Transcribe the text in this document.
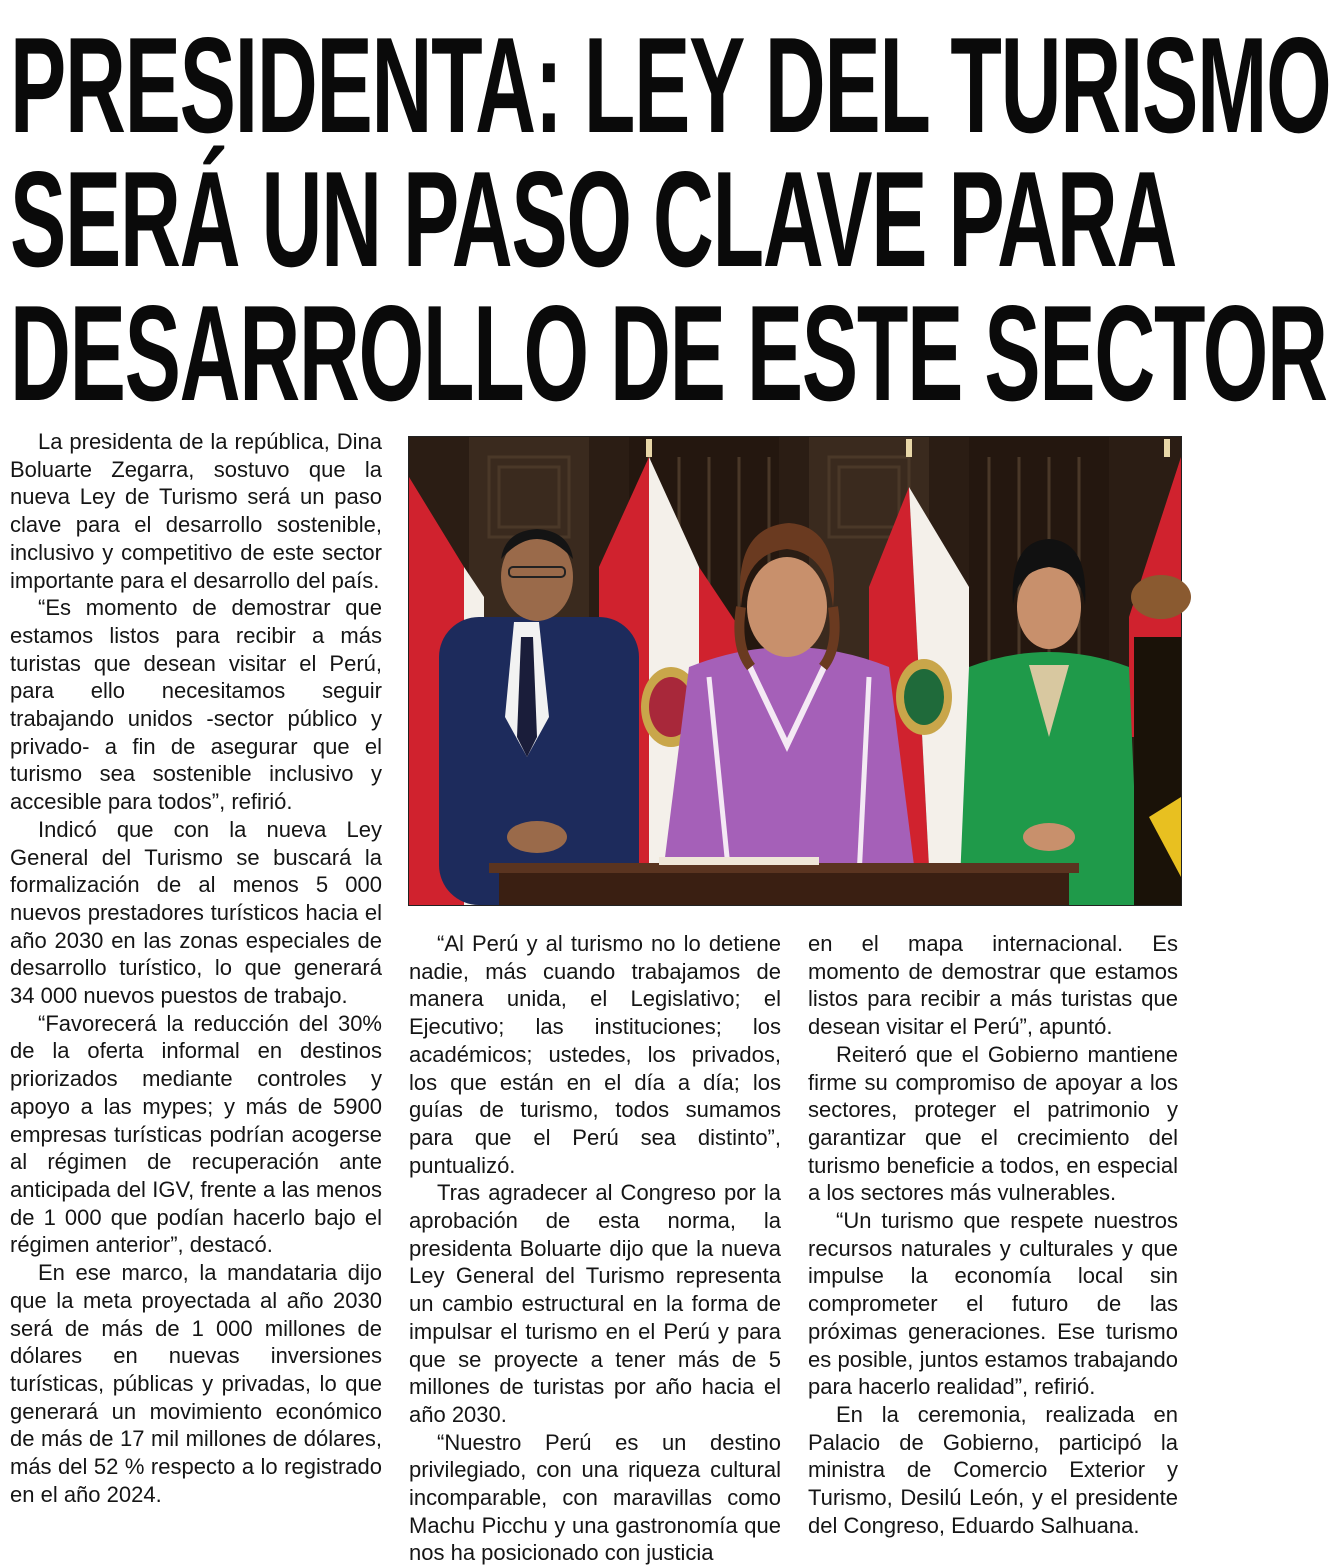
PRESIDENTA: LEY DEL TURISMO
SERÁ UN PASO CLAVE PARA
DESARROLLO DE ESTE SECTOR

La presidenta de la república, Dina Boluarte Zegarra, sostuvo que la nueva Ley de Turismo será un paso clave para el desarrollo sostenible, inclusivo y competitivo de este sector importante para el desarrollo del país.

“Es momento de demostrar que estamos listos para recibir a más turistas que desean visitar el Perú, para ello necesitamos seguir trabajando unidos -sector público y privado- a fin de asegurar que el turismo sea sostenible inclusivo y accesible para todos”, refirió.

Indicó que con la nueva Ley General del Turismo se buscará la formalización de al menos 5 000 nuevos prestadores turísticos hacia el año 2030 en las zonas especiales de desarrollo turístico, lo que generará 34 000 nuevos puestos de trabajo.

“Favorecerá la reducción del 30% de la oferta informal en destinos priorizados mediante controles y apoyo a las mypes; y más de 5900 empresas turísticas podrían acogerse al régimen de recuperación ante anticipada del IGV, frente a las menos de 1 000 que podían hacerlo bajo el régimen anterior”, destacó.

En ese marco, la mandataria dijo que la meta proyectada al año 2030 será de más de 1 000 millones de dólares en nuevas inversiones turísticas, públicas y privadas, lo que generará un movimiento económico de más de 17 mil millones de dólares, más del 52 % respecto a lo registrado en el año 2024.

“Al Perú y al turismo no lo detiene nadie, más cuando trabajamos de manera unida, el Legislativo; el Ejecutivo; las instituciones; los académicos; ustedes, los privados, los que están en el día a día; los guías de turismo, todos sumamos para que el Perú sea distinto”, puntualizó.

Tras agradecer al Congreso por la aprobación de esta norma, la presidenta Boluarte dijo que la nueva Ley General del Turismo representa un cambio estructural en la forma de impulsar el turismo en el Perú y para que se proyecte a tener más de 5 millones de turistas por año hacia el año 2030.

“Nuestro Perú es un destino privilegiado, con una riqueza cultural incomparable, con maravillas como Machu Picchu y una gastronomía que nos ha posicionado con justicia

en el mapa internacional. Es momento de demostrar que estamos listos para recibir a más turistas que desean visitar el Perú”, apuntó.

Reiteró que el Gobierno mantiene firme su compromiso de apoyar a los sectores, proteger el patrimonio y garantizar que el crecimiento del turismo beneficie a todos, en especial a los sectores más vulnerables.

“Un turismo que respete nuestros recursos naturales y culturales y que impulse la economía local sin comprometer el futuro de las próximas generaciones. Ese turismo es posible, juntos estamos trabajando para hacerlo realidad”, refirió.

En la ceremonia, realizada en Palacio de Gobierno, participó la ministra de Comercio Exterior y Turismo, Desilú León, y el presidente del Congreso, Eduardo Salhuana.
